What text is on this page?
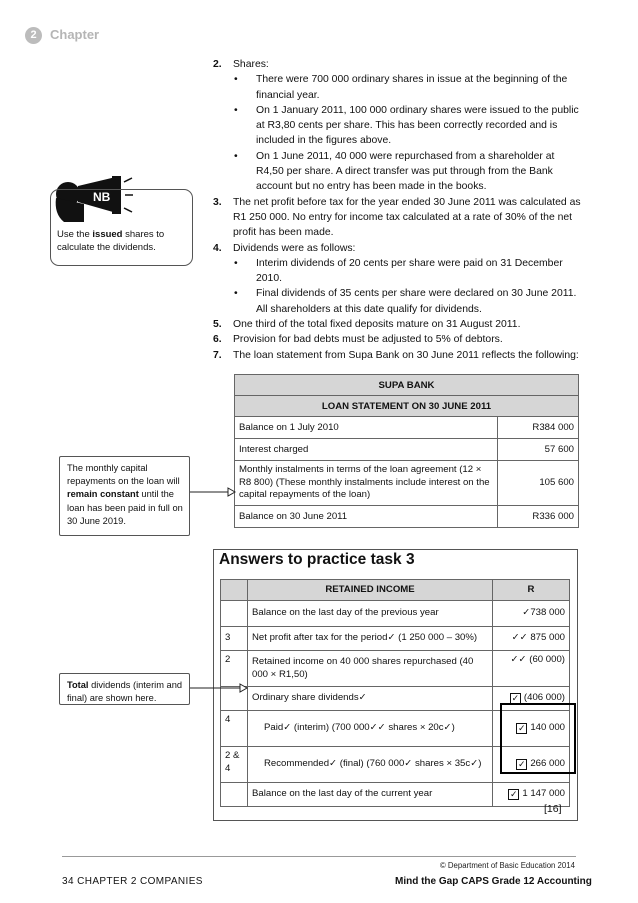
2	Chapter
NB
Use the issued shares to calculate the dividends.
2. Shares:
• There were 700 000 ordinary shares in issue at the beginning of the financial year.
• On 1 January 2011, 100 000 ordinary shares were issued to the public at R3,80 cents per share. This has been correctly recorded and is included in the figures above.
• On 1 June 2011, 40 000 were repurchased from a shareholder at R4,50 per share. A direct transfer was put through from the Bank account but no entry has been made in the books.
3. The net profit before tax for the year ended 30 June 2011 was calculated as R1 250 000. No entry for income tax calculated at a rate of 30% of the net profit has been made.
4. Dividends were as follows:
• Interim dividends of 20 cents per share were paid on 31 December 2010.
• Final dividends of 35 cents per share were declared on 30 June 2011. All shareholders at this date qualify for dividends.
5. One third of the total fixed deposits mature on 31 August 2011.
6. Provision for bad debts must be adjusted to 5% of debtors.
7. The loan statement from Supa Bank on 30 June 2011 reflects the following:
SUPA BANK	
LOAN STATEMENT ON 30 JUNE 2011	
Balance on 1 July 2010	R384 000
Interest charged	57 600
Monthly instalments in terms of the loan agreement (12 × R8 800) (These monthly instalments include interest on the capital repayments of the loan)	105 600
Balance on 30 June 2011	R336 000
The monthly capital repayments on the loan will remain constant until the loan has been paid in full on 30 June 2019.
Answers to practice task 3
	RETAINED INCOME	R
	Balance on the last day of the previous year	✓738 000
3	Net profit after tax for the period✓ (1 250 000 – 30%)	✓✓ 875 000
2	Retained income on 40 000 shares repurchased (40 000 × R1,50)	✓✓ (60 000)
	Ordinary share dividends✓	✓ (406 000)
4	Paid✓ (interim) (700 000✓✓ shares × 20c✓)	✓ 140 000
2 & 4	Recommended✓ (final) (760 000✓ shares × 35c✓)	✓ 266 000
	Balance on the last day of the current year	✓ 1 147 000
[16]
Total dividends (interim and final) are shown here.
© Department of Basic Education 2014
34 CHAPTER 2 COMPANIES	Mind the Gap CAPS Grade 12 Accounting
